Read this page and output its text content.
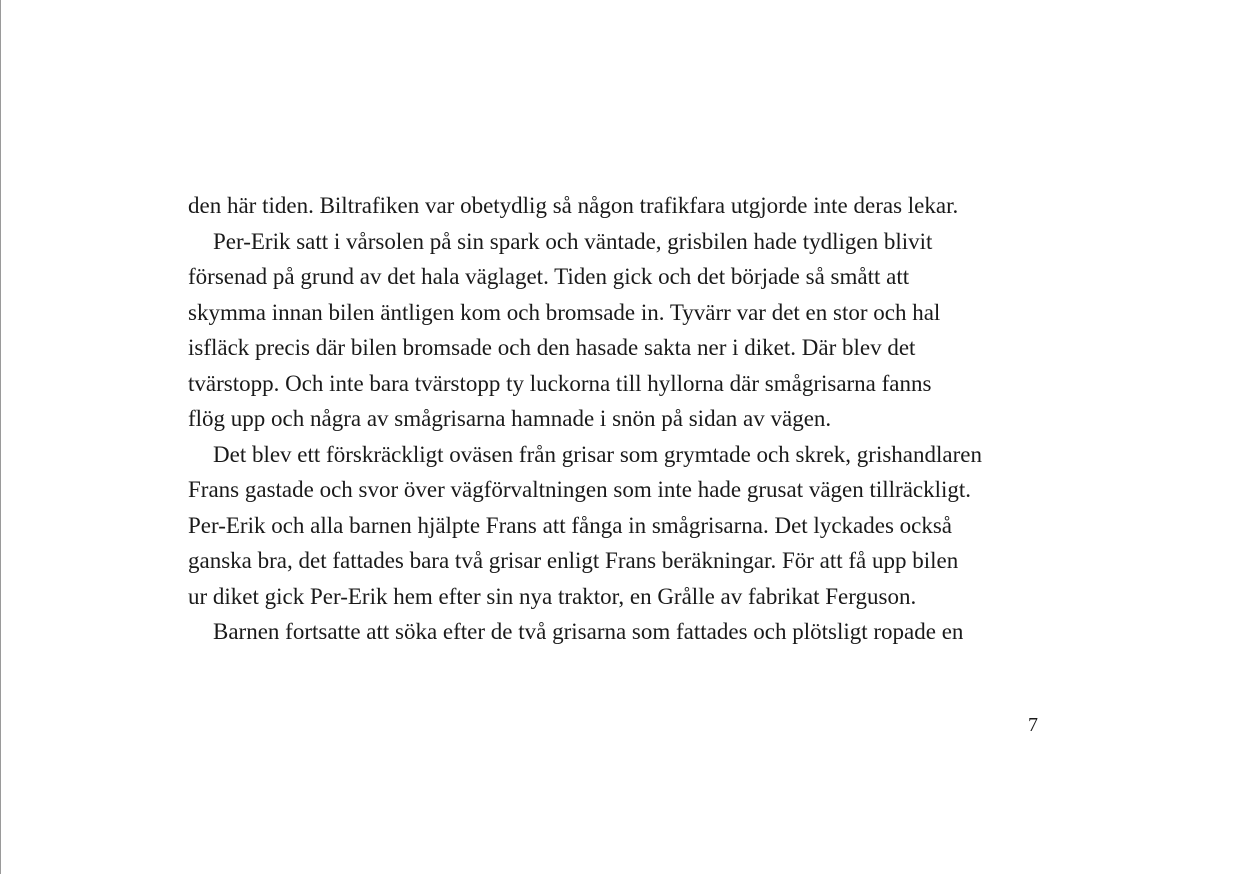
den här tiden. Biltrafiken var obetydlig så någon trafikfara utgjorde inte deras lekar.
Per-Erik satt i vårsolen på sin spark och väntade, grisbilen hade tydligen blivit
försenad på grund av det hala väglaget. Tiden gick och det började så smått att
skymma innan bilen äntligen kom och bromsade in. Tyvärr var det en stor och hal
isfläck precis där bilen bromsade och den hasade sakta ner i diket. Där blev det
tvärstopp. Och inte bara tvärstopp ty luckorna till hyllorna där smågrisarna fanns
flög upp och några av smågrisarna hamnade i snön på sidan av vägen.
Det blev ett förskräckligt oväsen från grisar som grymtade och skrek, grishandlaren
Frans gastade och svor över vägförvaltningen som inte hade grusat vägen tillräckligt.
Per-Erik och alla barnen hjälpte Frans att fånga in smågrisarna. Det lyckades också
ganska bra, det fattades bara två grisar enligt Frans beräkningar. För att få upp bilen
ur diket gick Per-Erik hem efter sin nya traktor, en Grålle av fabrikat Ferguson.
Barnen fortsatte att söka efter de två grisarna som fattades och plötsligt ropade en
7
